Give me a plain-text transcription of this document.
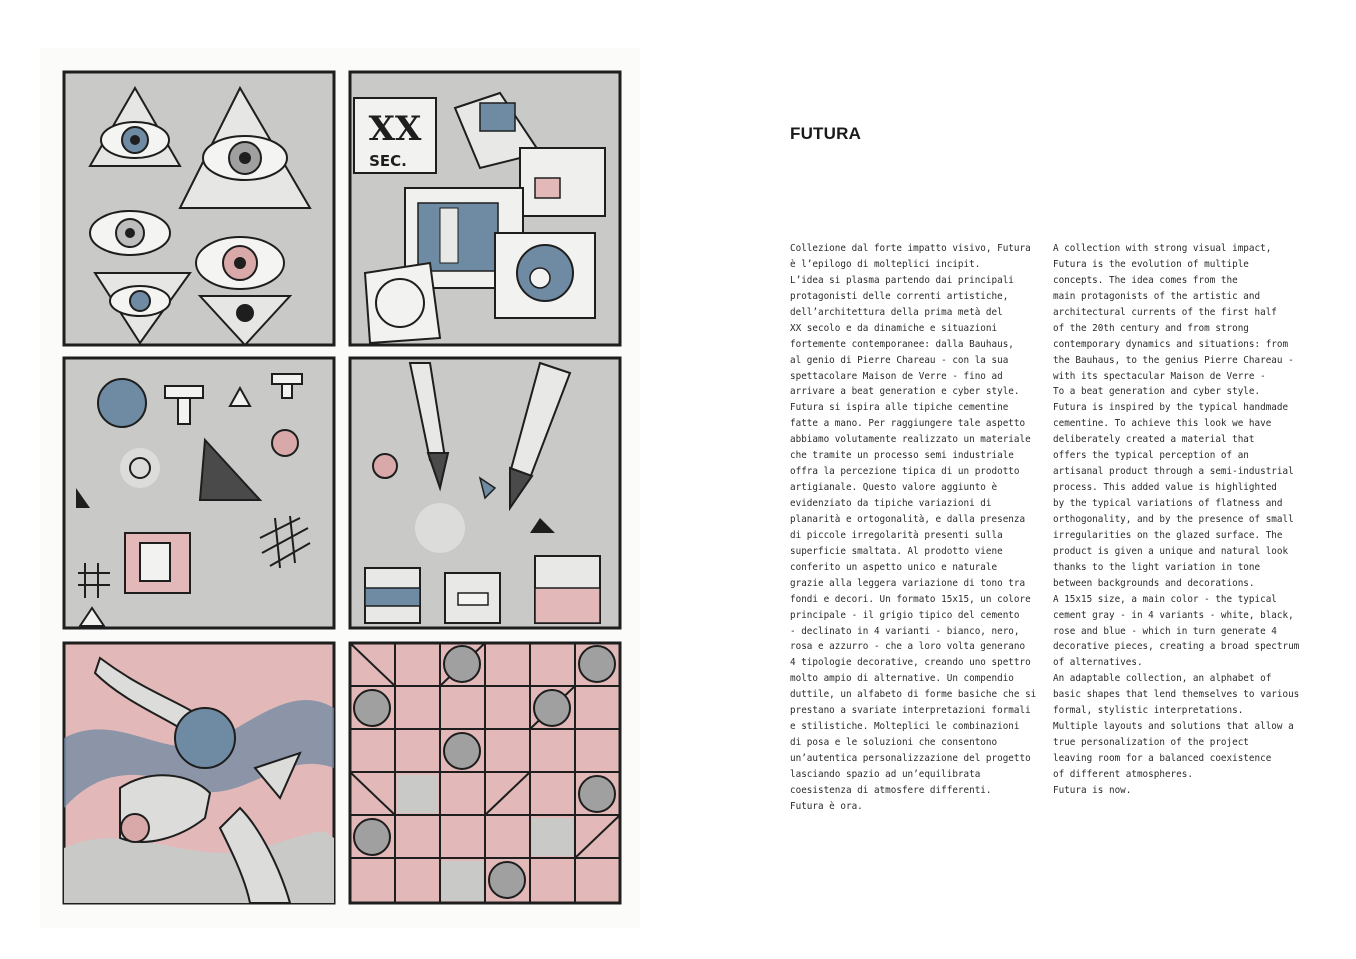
XX
SEC.
FUTURA
Collezione dal forte impatto visivo, Futura
è l’epilogo di molteplici incipit.
L’idea si plasma partendo dai principali
protagonisti delle correnti artistiche,
dell’architettura della prima metà del
XX secolo e da dinamiche e situazioni
fortemente contemporanee: dalla Bauhaus,
al genio di Pierre Chareau - con la sua
spettacolare Maison de Verre - fino ad
arrivare a beat generation e cyber style.
Futura si ispira alle tipiche cementine
fatte a mano. Per raggiungere tale aspetto
abbiamo volutamente realizzato un materiale
che tramite un processo semi industriale
offra la percezione tipica di un prodotto
artigianale. Questo valore aggiunto è
evidenziato da tipiche variazioni di
planarità e ortogonalità, e dalla presenza
di piccole irregolarità presenti sulla
superficie smaltata. Al prodotto viene
conferito un aspetto unico e naturale
grazie alla leggera variazione di tono tra
fondi e decori. Un formato 15x15, un colore
principale - il grigio tipico del cemento
- declinato in 4 varianti - bianco, nero,
rosa e azzurro - che a loro volta generano
4 tipologie decorative, creando uno spettro
molto ampio di alternative. Un compendio
duttile, un alfabeto di forme basiche che si
prestano a svariate interpretazioni formali
e stilistiche. Molteplici le combinazioni
di posa e le soluzioni che consentono
un’autentica personalizzazione del progetto
lasciando spazio ad un’equilibrata
coesistenza di atmosfere differenti.
Futura è ora.
A collection with strong visual impact,
Futura is the evolution of multiple
concepts. The idea comes from the
main protagonists of the artistic and
architectural currents of the first half
of the 20th century and from strong
contemporary dynamics and situations: from
the Bauhaus, to the genius Pierre Chareau -
with its spectacular Maison de Verre -
To a beat generation and cyber style.
Futura is inspired by the typical handmade
cementine. To achieve this look we have
deliberately created a material that
offers the typical perception of an
artisanal product through a semi-industrial
process. This added value is highlighted
by the typical variations of flatness and
orthogonality, and by the presence of small
irregularities on the glazed surface. The
product is given a unique and natural look
thanks to the light variation in tone
between backgrounds and decorations.
A 15x15 size, a main color - the typical
cement gray - in 4 variants - white, black,
rose and blue - which in turn generate 4
decorative pieces, creating a broad spectrum
of alternatives.
An adaptable collection, an alphabet of
basic shapes that lend themselves to various
formal, stylistic interpretations.
Multiple layouts and solutions that allow a
true personalization of the project
leaving room for a balanced coexistence
of different atmospheres.
Futura is now.
